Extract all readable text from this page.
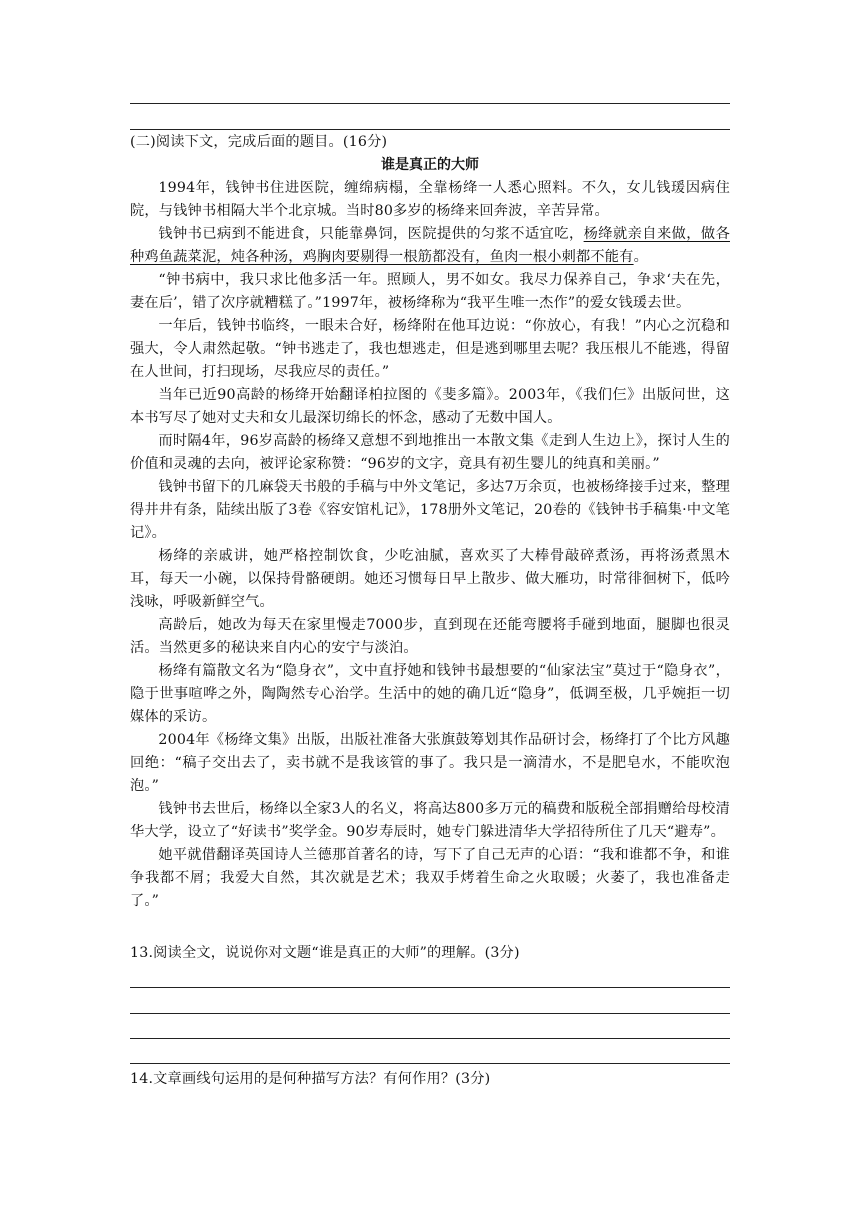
(二)阅读下文，完成后面的题目。(16分)
谁是真正的大师

1994年，钱钟书住进医院，缠绵病榻，全靠杨绛一人悉心照料。不久，女儿钱瑗因病住院，与钱钟书相隔大半个北京城。当时80多岁的杨绛来回奔波，辛苦异常。

钱钟书已病到不能进食，只能靠鼻饲，医院提供的匀浆不适宜吃，杨绛就亲自来做，做各种鸡鱼蔬菜泥，炖各种汤，鸡胸肉要剔得一根筋都没有，鱼肉一根小刺都不能有。

“钟书病中，我只求比他多活一年。照顾人，男不如女。我尽力保养自己，争求‘夫在先，妻在后’，错了次序就糟糕了。”1997年，被杨绛称为“我平生唯一杰作”的爱女钱瑗去世。

一年后，钱钟书临终，一眼未合好，杨绛附在他耳边说：“你放心，有我！”内心之沉稳和强大，令人肃然起敬。“钟书逃走了，我也想逃走，但是逃到哪里去呢？我压根儿不能逃，得留在人世间，打扫现场，尽我应尽的责任。”

当年已近90高龄的杨绛开始翻译柏拉图的《斐多篇》。2003年，《我们仨》出版问世，这本书写尽了她对丈夫和女儿最深切绵长的怀念，感动了无数中国人。

而时隔4年，96岁高龄的杨绛又意想不到地推出一本散文集《走到人生边上》，探讨人生的价值和灵魂的去向，被评论家称赞：“96岁的文字，竟具有初生婴儿的纯真和美丽。”

钱钟书留下的几麻袋天书般的手稿与中外文笔记，多达7万余页，也被杨绛接手过来，整理得井井有条，陆续出版了3卷《容安馆札记》，178册外文笔记，20卷的《钱钟书手稿集·中文笔记》。

杨绛的亲戚讲，她严格控制饮食，少吃油腻，喜欢买了大棒骨敲碎煮汤，再将汤煮黑木耳，每天一小碗，以保持骨骼硬朗。她还习惯每日早上散步、做大雁功，时常徘徊树下，低吟浅咏，呼吸新鲜空气。

高龄后，她改为每天在家里慢走7000步，直到现在还能弯腰将手碰到地面，腿脚也很灵活。当然更多的秘诀来自内心的安宁与淡泊。

杨绛有篇散文名为“隐身衣”，文中直抒她和钱钟书最想要的“仙家法宝”莫过于“隐身衣”，隐于世事喧哗之外，陶陶然专心治学。生活中的她的确几近“隐身”，低调至极，几乎婉拒一切媒体的采访。

2004年《杨绛文集》出版，出版社准备大张旗鼓筹划其作品研讨会，杨绛打了个比方风趣回绝：“稿子交出去了，卖书就不是我该管的事了。我只是一滴清水，不是肥皂水，不能吹泡泡。”

钱钟书去世后，杨绛以全家3人的名义，将高达800多万元的稿费和版税全部捐赠给母校清华大学，设立了“好读书”奖学金。90岁寿辰时，她专门躲进清华大学招待所住了几天“避寿”。

她平就借翻译英国诗人兰德那首著名的诗，写下了自己无声的心语：“我和谁都不争，和谁争我都不屑；我爱大自然，其次就是艺术；我双手烤着生命之火取暖；火萎了，我也准备走了。”

13.阅读全文，说说你对文题“谁是真正的大师”的理解。(3分)
14.文章画线句运用的是何种描写方法？有何作用？(3分)
